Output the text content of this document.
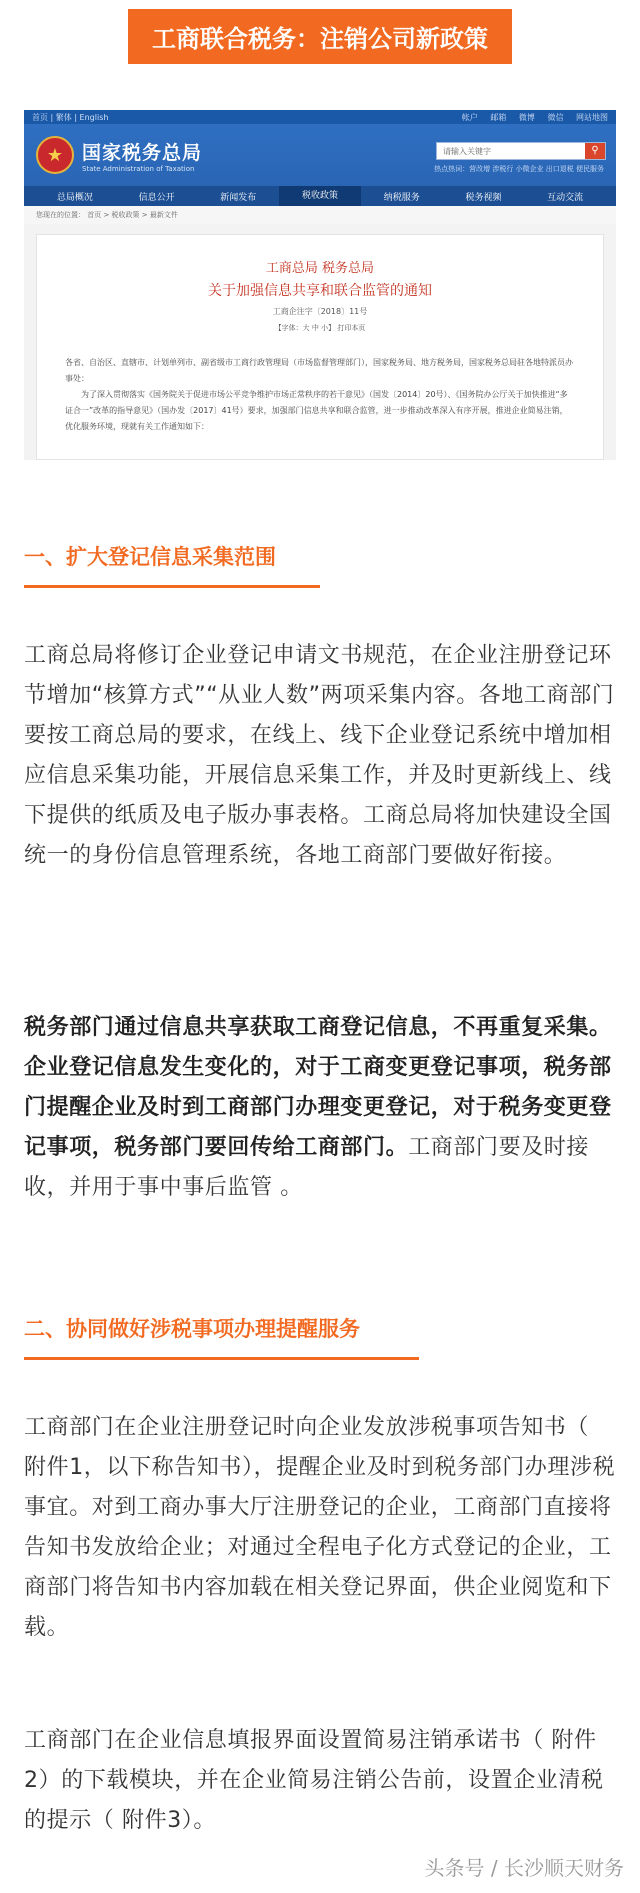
工商联合税务：注销公司新政策
首页 | 繁体 | English	帐户 邮箱 微博 微信 网站地图
★ 国家税务总局
State Administration of Taxation
请输入关键字	⚲
热点热词：营改增 涉税行 小微企业 出口退税 便民服务
总局概况	信息公开	新闻发布	税收政策	纳税服务	税务视频	互动交流
您现在的位置： 首页 > 税收政策 > 最新文件
工商总局 税务总局
关于加强信息共享和联合监管的通知
工商企注字〔2018〕11号
【字体：大 中 小】 打印本页

各省、自治区、直辖市、计划单列市、副省级市工商行政管理局（市场监督管理部门），国家税务局、地方税务局，国家税务总局驻各地特派员办事处：

为了深入贯彻落实《国务院关于促进市场公平竞争维护市场正常秩序的若干意见》（国发〔2014〕20号）、《国务院办公厅关于加快推进“多证合一”改革的指导意见》（国办发〔2017〕41号）要求，加强部门信息共享和联合监管，进一步推动改革深入有序开展，推进企业简易注销，优化服务环境，现就有关工作通知如下：

一、扩大登记信息采集范围

工商总局将修订企业登记申请文书规范，在企业注册登记环节增加“核算方式”“从业人数”两项采集内容。各地工商部门要按工商总局的要求，在线上、线下企业登记系统中增加相应信息采集功能，开展信息采集工作，并及时更新线上、线下提供的纸质及电子版办事表格。工商总局将加快建设全国统一的身份信息管理系统，各地工商部门要做好衔接。

税务部门通过信息共享获取工商登记信息，不再重复采集。企业登记信息发生变化的，对于工商变更登记事项，税务部门提醒企业及时到工商部门办理变更登记，对于税务变更登记事项，税务部门要回传给工商部门。工商部门要及时接收，并用于事中事后监管 。

二、协同做好涉税事项办理提醒服务

工商部门在企业注册登记时向企业发放涉税事项告知书（ 附件1，以下称告知书），提醒企业及时到税务部门办理涉税事宜。对到工商办事大厅注册登记的企业，工商部门直接将告知书发放给企业；对通过全程电子化方式登记的企业，工商部门将告知书内容加载在相关登记界面，供企业阅览和下载。

工商部门在企业信息填报界面设置简易注销承诺书（ 附件2）的下载模块，并在企业简易注销公告前，设置企业清税的提示（ 附件3）。

头条号 / 长沙顺天财务
